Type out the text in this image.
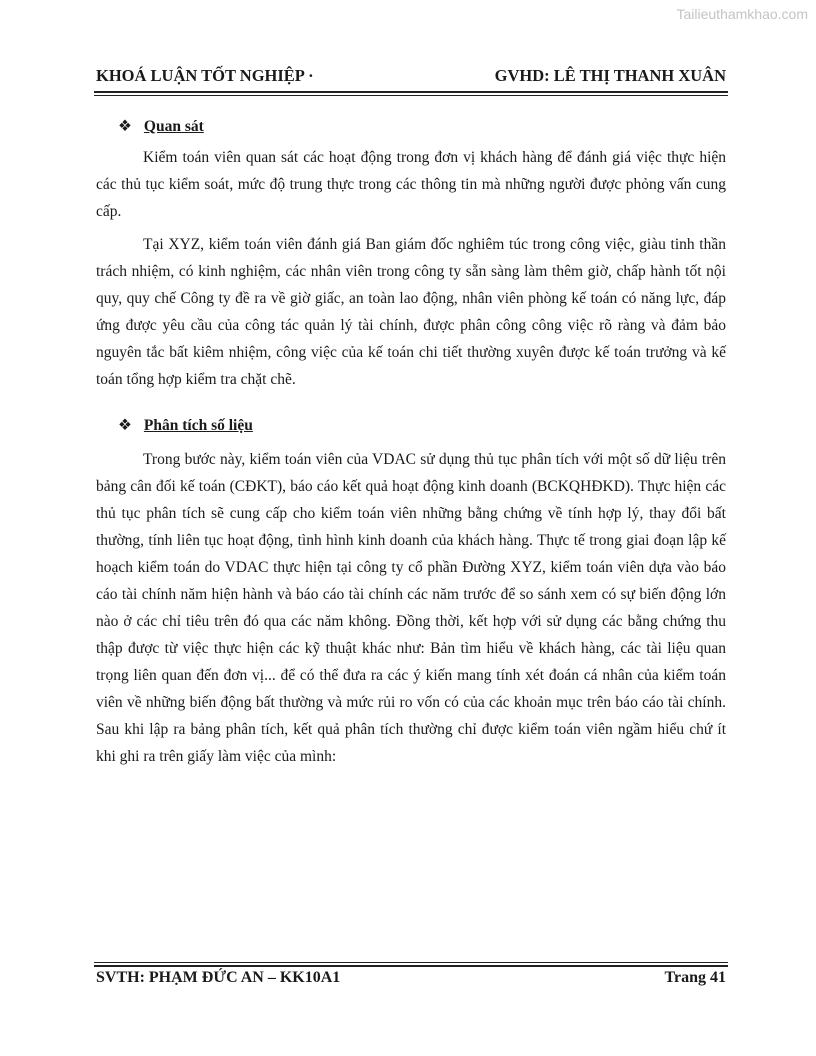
Tailieuthamkhao.com
KHOÁ LUẬN TỐT NGHIỆP ·	GVHD: LÊ THỊ THANH XUÂN
❖ Quan sát
Kiểm toán viên quan sát các hoạt động trong đơn vị khách hàng để đánh giá việc thực hiện
các thủ tục kiểm soát, mức độ trung thực trong các thông tin mà những người được phỏng vấn cung
cấp.
Tại XYZ, kiểm toán viên đánh giá Ban giám đốc nghiêm túc trong công việc, giàu tinh thần
trách nhiệm, có kinh nghiệm, các nhân viên trong công ty sẵn sàng làm thêm giờ, chấp hành tốt nội
quy, quy chế Công ty đề ra về giờ giấc, an toàn lao động, nhân viên phòng kế toán có năng lực, đáp
ứng được yêu cầu của công tác quản lý tài chính, được phân công công việc rõ ràng và đảm bảo
nguyên tắc bất kiêm nhiệm, công việc của kế toán chi tiết thường xuyên được kế toán trưởng và kế
toán tổng hợp kiểm tra chặt chẽ.
❖ Phân tích số liệu
Trong bước này, kiểm toán viên của VDAC sử dụng thủ tục phân tích với một số dữ liệu trên
bảng cân đối kế toán (CĐKT), báo cáo kết quả hoạt động kinh doanh (BCKQHĐKD). Thực hiện các
thủ tục phân tích sẽ cung cấp cho kiểm toán viên những bằng chứng về tính hợp lý, thay đổi bất
thường, tính liên tục hoạt động, tình hình kinh doanh của khách hàng. Thực tế trong giai đoạn lập kế
hoạch kiểm toán do VDAC thực hiện tại công ty cổ phần Đường XYZ, kiểm toán viên dựa vào báo
cáo tài chính năm hiện hành và báo cáo tài chính các năm trước để so sánh xem có sự biến động lớn
nào ở các chỉ tiêu trên đó qua các năm không. Đồng thời, kết hợp với sử dụng các bằng chứng thu
thập được từ việc thực hiện các kỹ thuật khác như: Bản tìm hiểu về khách hàng, các tài liệu quan
trọng liên quan đến đơn vị... để có thể đưa ra các ý kiến mang tính xét đoán cá nhân của kiểm toán
viên về những biến động bất thường và mức rủi ro vốn có của các khoản mục trên báo cáo tài chính.
Sau khi lập ra bảng phân tích, kết quả phân tích thường chỉ được kiểm toán viên ngầm hiểu chứ ít
khi ghi ra trên giấy làm việc của mình:
SVTH: PHẠM ĐỨC AN – KK10A1	Trang 41
